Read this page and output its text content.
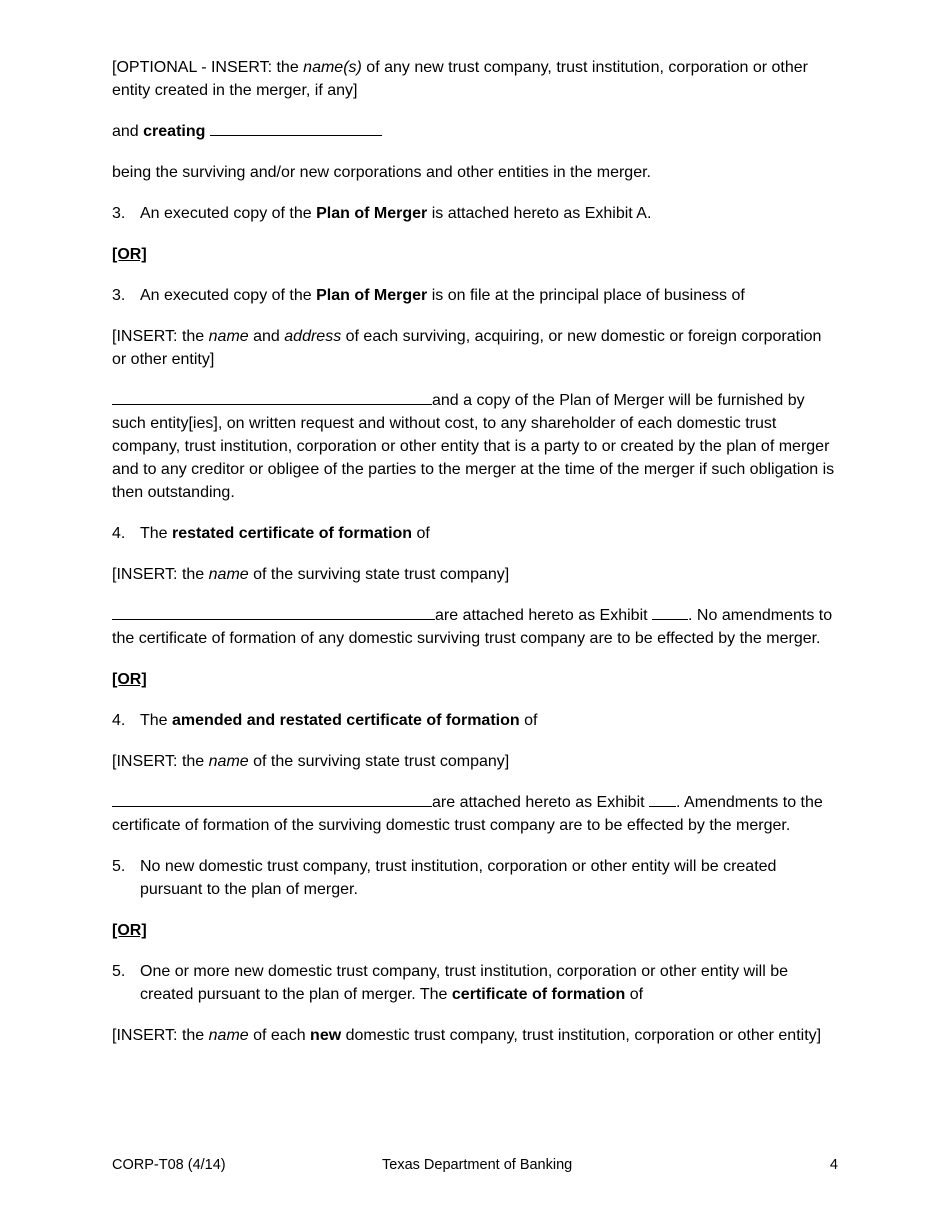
[OPTIONAL - INSERT: the name(s) of any new trust company, trust institution, corporation or other entity created in the merger, if any]

and creating

being the surviving and/or new corporations and other entities in the merger.

3. An executed copy of the Plan of Merger is attached hereto as Exhibit A.

[OR]

3. An executed copy of the Plan of Merger is on file at the principal place of business of

[INSERT: the name and address of each surviving, acquiring, or new domestic or foreign corporation or other entity]

and a copy of the Plan of Merger will be furnished by such entity[ies], on written request and without cost, to any shareholder of each domestic trust company, trust institution, corporation or other entity that is a party to or created by the plan of merger and to any creditor or obligee of the parties to the merger at the time of the merger if such obligation is then outstanding.

4. The restated certificate of formation of

[INSERT: the name of the surviving state trust company]

are attached hereto as Exhibit . No amendments to the certificate of formation of any domestic surviving trust company are to be effected by the merger.

[OR]

4. The amended and restated certificate of formation of

[INSERT: the name of the surviving state trust company]

are attached hereto as Exhibit . Amendments to the certificate of formation of the surviving domestic trust company are to be effected by the merger.

5. No new domestic trust company, trust institution, corporation or other entity will be created pursuant to the plan of merger.

[OR]

5. One or more new domestic trust company, trust institution, corporation or other entity will be created pursuant to the plan of merger. The certificate of formation of

[INSERT: the name of each new domestic trust company, trust institution, corporation or other entity]

CORP-T08 (4/14)	Texas Department of Banking	4
